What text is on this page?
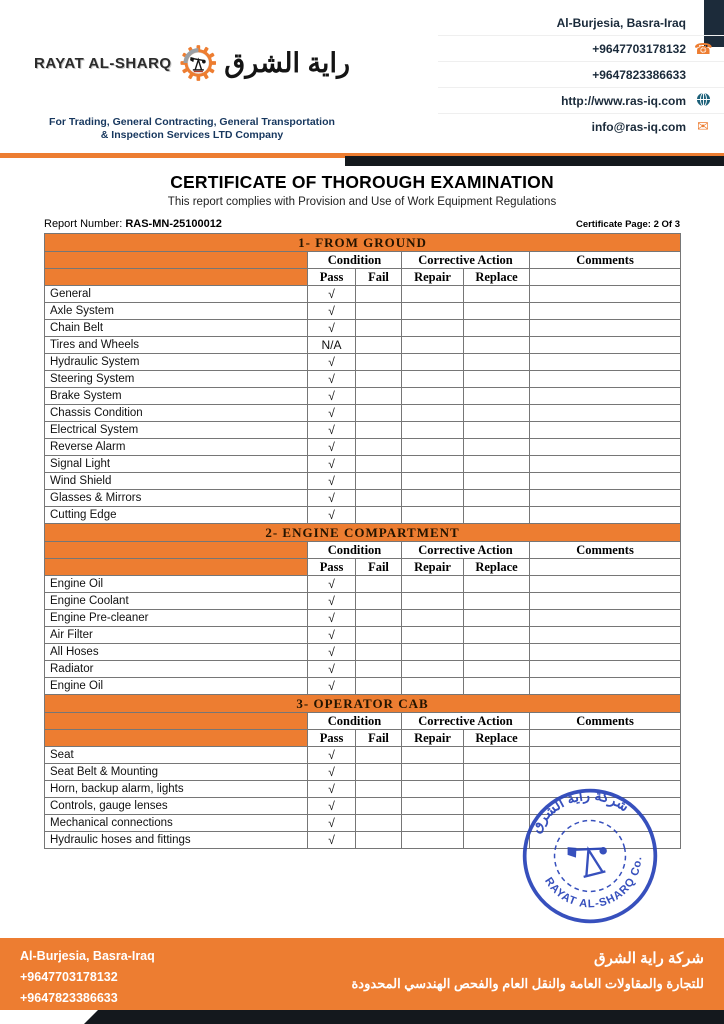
RAYAT AL-SHARQ راية الشرق
For Trading, General Contracting, General Transportation
& Inspection Services LTD Company
Al-Burjesia, Basra-Iraq
+9647703178132 ☎
+9647823386633
http://www.ras-iq.com
info@ras-iq.com ✉
CERTIFICATE OF THOROUGH EXAMINATION
This report complies with Provision and Use of Work Equipment Regulations
Report Number: RAS-MN-25100012	Certificate Page: 2 Of 3
1- FROM GROUND					
	Condition		Corrective Action		Comments
	Pass	Fail	Repair	Replace	
General	√				
Axle System	√				
Chain Belt	√				
Tires and Wheels	N/A				
Hydraulic System	√				
Steering System	√				
Brake System	√				
Chassis Condition	√				
Electrical System	√				
Reverse Alarm	√				
Signal Light	√				
Wind Shield	√				
Glasses & Mirrors	√				
Cutting Edge	√				
2- ENGINE COMPARTMENT					
	Condition		Corrective Action		Comments
	Pass	Fail	Repair	Replace	
Engine Oil	√				
Engine Coolant	√				
Engine Pre-cleaner	√				
Air Filter	√				
All Hoses	√				
Radiator	√				
Engine Oil	√				
3- OPERATOR CAB					
	Condition		Corrective Action		Comments
	Pass	Fail	Repair	Replace	
Seat	√				
Seat Belt & Mounting	√				
Horn, backup alarm, lights	√				
Controls, gauge lenses	√				
Mechanical connections	√				
Hydraulic hoses and fittings	√				
شركة راية الشرق
RAYAT AL-SHARQ Co.
Al-Burjesia, Basra-Iraq
+9647703178132
+9647823386633
شركة راية الشرق
للتجارة والمقاولات العامة والنقل العام والفحص الهندسي المحدودة
